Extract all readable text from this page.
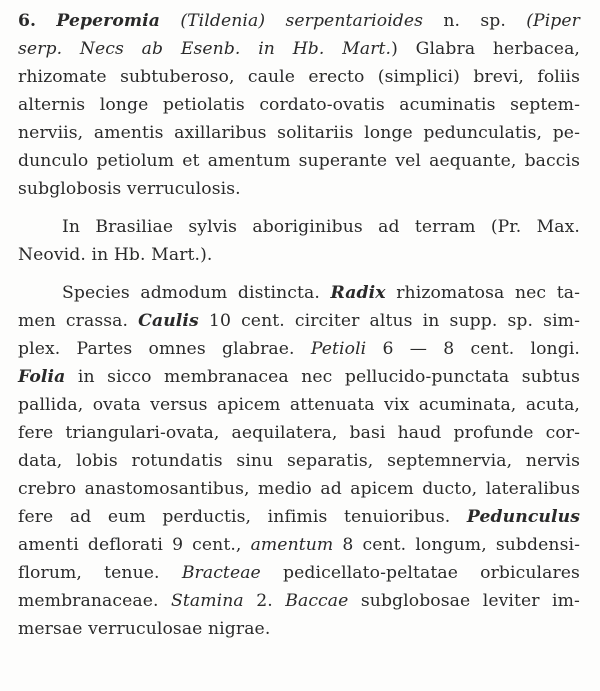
6. Peperomia (Tildenia) serpentarioides n. sp. (Piper
serp. Necs ab Esenb. in Hb. Mart.) Glabra herbacea,
rhizomate subtuberoso, caule erecto (simplici) brevi, foliis
alternis longe petiolatis cordato-ovatis acuminatis septem-
nerviis, amentis axillaribus solitariis longe pedunculatis, pe-
dunculo petiolum et amentum superante vel aequante, baccis
subglobosis verruculosis.
In Brasiliae sylvis aboriginibus ad terram (Pr. Max.
Neovid. in Hb. Mart.).
Species admodum distincta. Radix rhizomatosa nec ta-
men crassa. Caulis 10 cent. circiter altus in supp. sp. sim-
plex. Partes omnes glabrae. Petioli 6 — 8 cent. longi.
Folia in sicco membranacea nec pellucido-punctata subtus
pallida, ovata versus apicem attenuata vix acuminata, acuta,
fere triangulari-ovata, aequilatera, basi haud profunde cor-
data, lobis rotundatis sinu separatis, septemnervia, nervis
crebro anastomosantibus, medio ad apicem ducto, lateralibus
fere ad eum perductis, infimis tenuioribus. Pedunculus
amenti deflorati 9 cent., amentum 8 cent. longum, subdensi-
florum, tenue. Bracteae pedicellato-peltatae orbiculares
membranaceae. Stamina 2. Baccae subglobosae leviter im-
mersae verruculosae nigrae.
